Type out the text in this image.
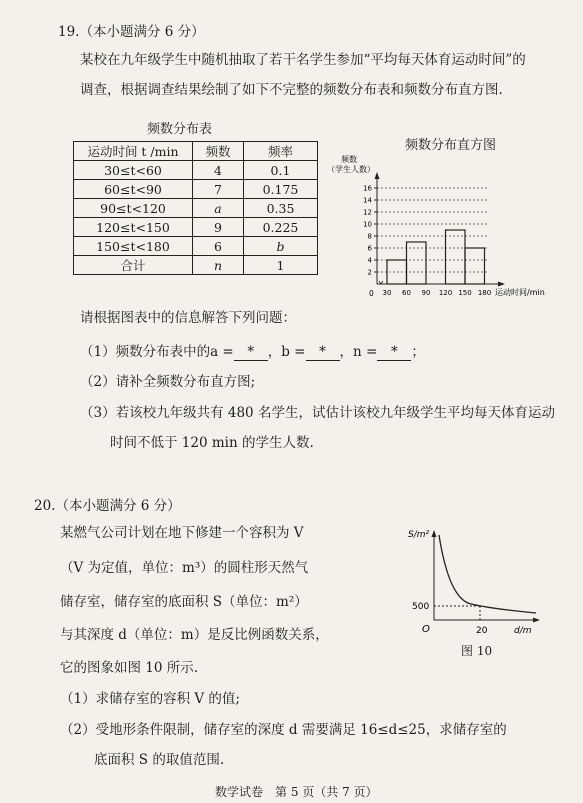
19.（本小题满分 6 分）
某校在九年级学生中随机抽取了若干名学生参加“平均每天体育运动时间”的
调查，根据调查结果绘制了如下不完整的频数分布表和频数分布直方图.
频数分布表
运动时间 t /min	频数	频率
30≤t<60	4	0.1
60≤t<90	7	0.175
90≤t<120	a	0.35
120≤t<150	9	0.225
150≤t<180	6	b
合计	n	1
频数分布直方图
频数
（学生人数）
2
4
6
8
10
12
14
16
30 60 90 120 150 180 运动时间/min
0
请根据图表中的信息解答下列问题：
（1）频数分布表中的a = * ，b = * ，n = * ；
（2）请补全频数分布直方图;
（3）若该校九年级共有 480 名学生，试估计该校九年级学生平均每天体育运动
时间不低于 120 min 的学生人数.
20.（本小题满分 6 分）
某燃气公司计划在地下修建一个容积为 V
（V 为定值，单位：m³）的圆柱形天然气
储存室，储存室的底面积 S（单位：m²）
与其深度 d（单位：m）是反比例函数关系，
它的图象如图 10 所示.
S/m²
500
O	20	d/m
图 10
（1）求储存室的容积 V 的值;
（2）受地形条件限制，储存室的深度 d 需要满足 16≤d≤25，求储存室的
底面积 S 的取值范围.
数学试卷　第 5 页（共 7 页）
